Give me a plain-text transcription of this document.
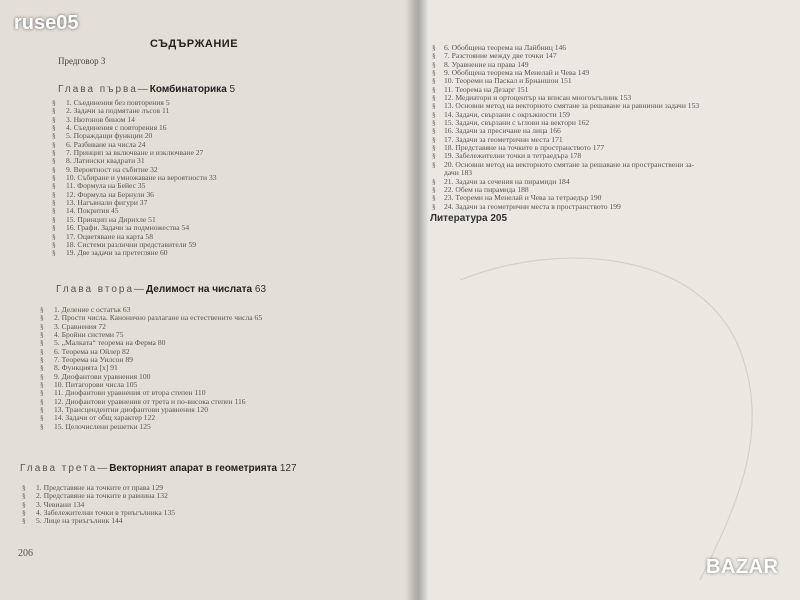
СЪДЪРЖАНИЕ
Предговор 3
Глава първа—Комбинаторика 5
§ 1. Съединения без повторения 5
§ 2. Задачи за подмятане лъсов 11
§ 3. Нютонов бином 14
§ 4. Съединения с повторения 16
§ 5. Пораждащи функции 20
§ 6. Разбиване на числа 24
§ 7. Принцип за включване и изключване 27
§ 8. Латински квадрати 31
§ 9. Вероятност на събитие 32
§ 10. Събиране и умножаване на вероятности 33
§ 11. Формула на Бейес 35
§ 12. Формула на Бернули 36
§ 13. Нагъвнали фигури 37
§ 14. Покрития 45
§ 15. Принцип на Дирихле 51
§ 16. Графи. Задачи за подмножества 54
§ 17. Оцветяване на карта 58
§ 18. Системи различни представители 59
§ 19. Две задачи за претегляне 60
Глава втора—Делимост на числата 63
§ 1. Деление с остатък 63
§ 2. Прости числа. Канонично разлагане на естествените числа 65
§ 3. Сравнения 72
§ 4. Бройни системи 75
§ 5. „Малката“ теорема на Ферма 80
§ 6. Теорема на Ойлер 82
§ 7. Теорема на Уилсон 89
§ 8. Функцията [x] 91
§ 9. Диофантови уравнения 100
§ 10. Питагорови числа 105
§ 11. Диофантови уравнения от втора степен 110
§ 12. Диофантови уравнения от трета и по-висока степен 116
§ 13. Трансцендентни диофантови уравнения 120
§ 14. Задачи от общ характер 122
§ 15. Целочислени решетки 125
Глава трета—Векторният апарат в геометрията 127
§ 1. Представяне на точките от права 129
§ 2. Представяне на точките в равнина 132
§ 3. Чевиани 134
§ 4. Забележителни точки в триъгълника 135
§ 5. Лице на триъгълник 144
206
§ 6. Обобщена теорема на Лайбниц 146
§ 7. Разстояние между две точки 147
§ 8. Уравнение на права 149
§ 9. Обобщена теорема на Менелай и Чева 149
§ 10. Теореми на Паскал и Брианшон 151
§ 11. Теорема на Дезарг 151
§ 12. Медиатори и ортоцентър на вписан многоъгълник 153
§ 13. Основни метод на векторното смятане за решаване на равнинни задачи 153
§ 14. Задачи, свързани с окръжности 159
§ 15. Задачи, свързани с ъглови на вектори 162
§ 16. Задачи за пресичане на лица 166
§ 17. Задачи за геометрични места 171
§ 18. Представяне на точките в пространството 177
§ 19. Забележителни точки в тетраедъра 178
§ 20. Основни метод на векторното смятане за решаване на пространствени за-
дачи 183
§ 21. Задачи за сечения на пирамиди 184
§ 22. Обем на пирамида 188
§ 23. Теореми на Менелай и Чева за тетраедър 190
§ 24. Задачи за геометрични места в пространството 199
Литература 205
ruse05
BAZAR
